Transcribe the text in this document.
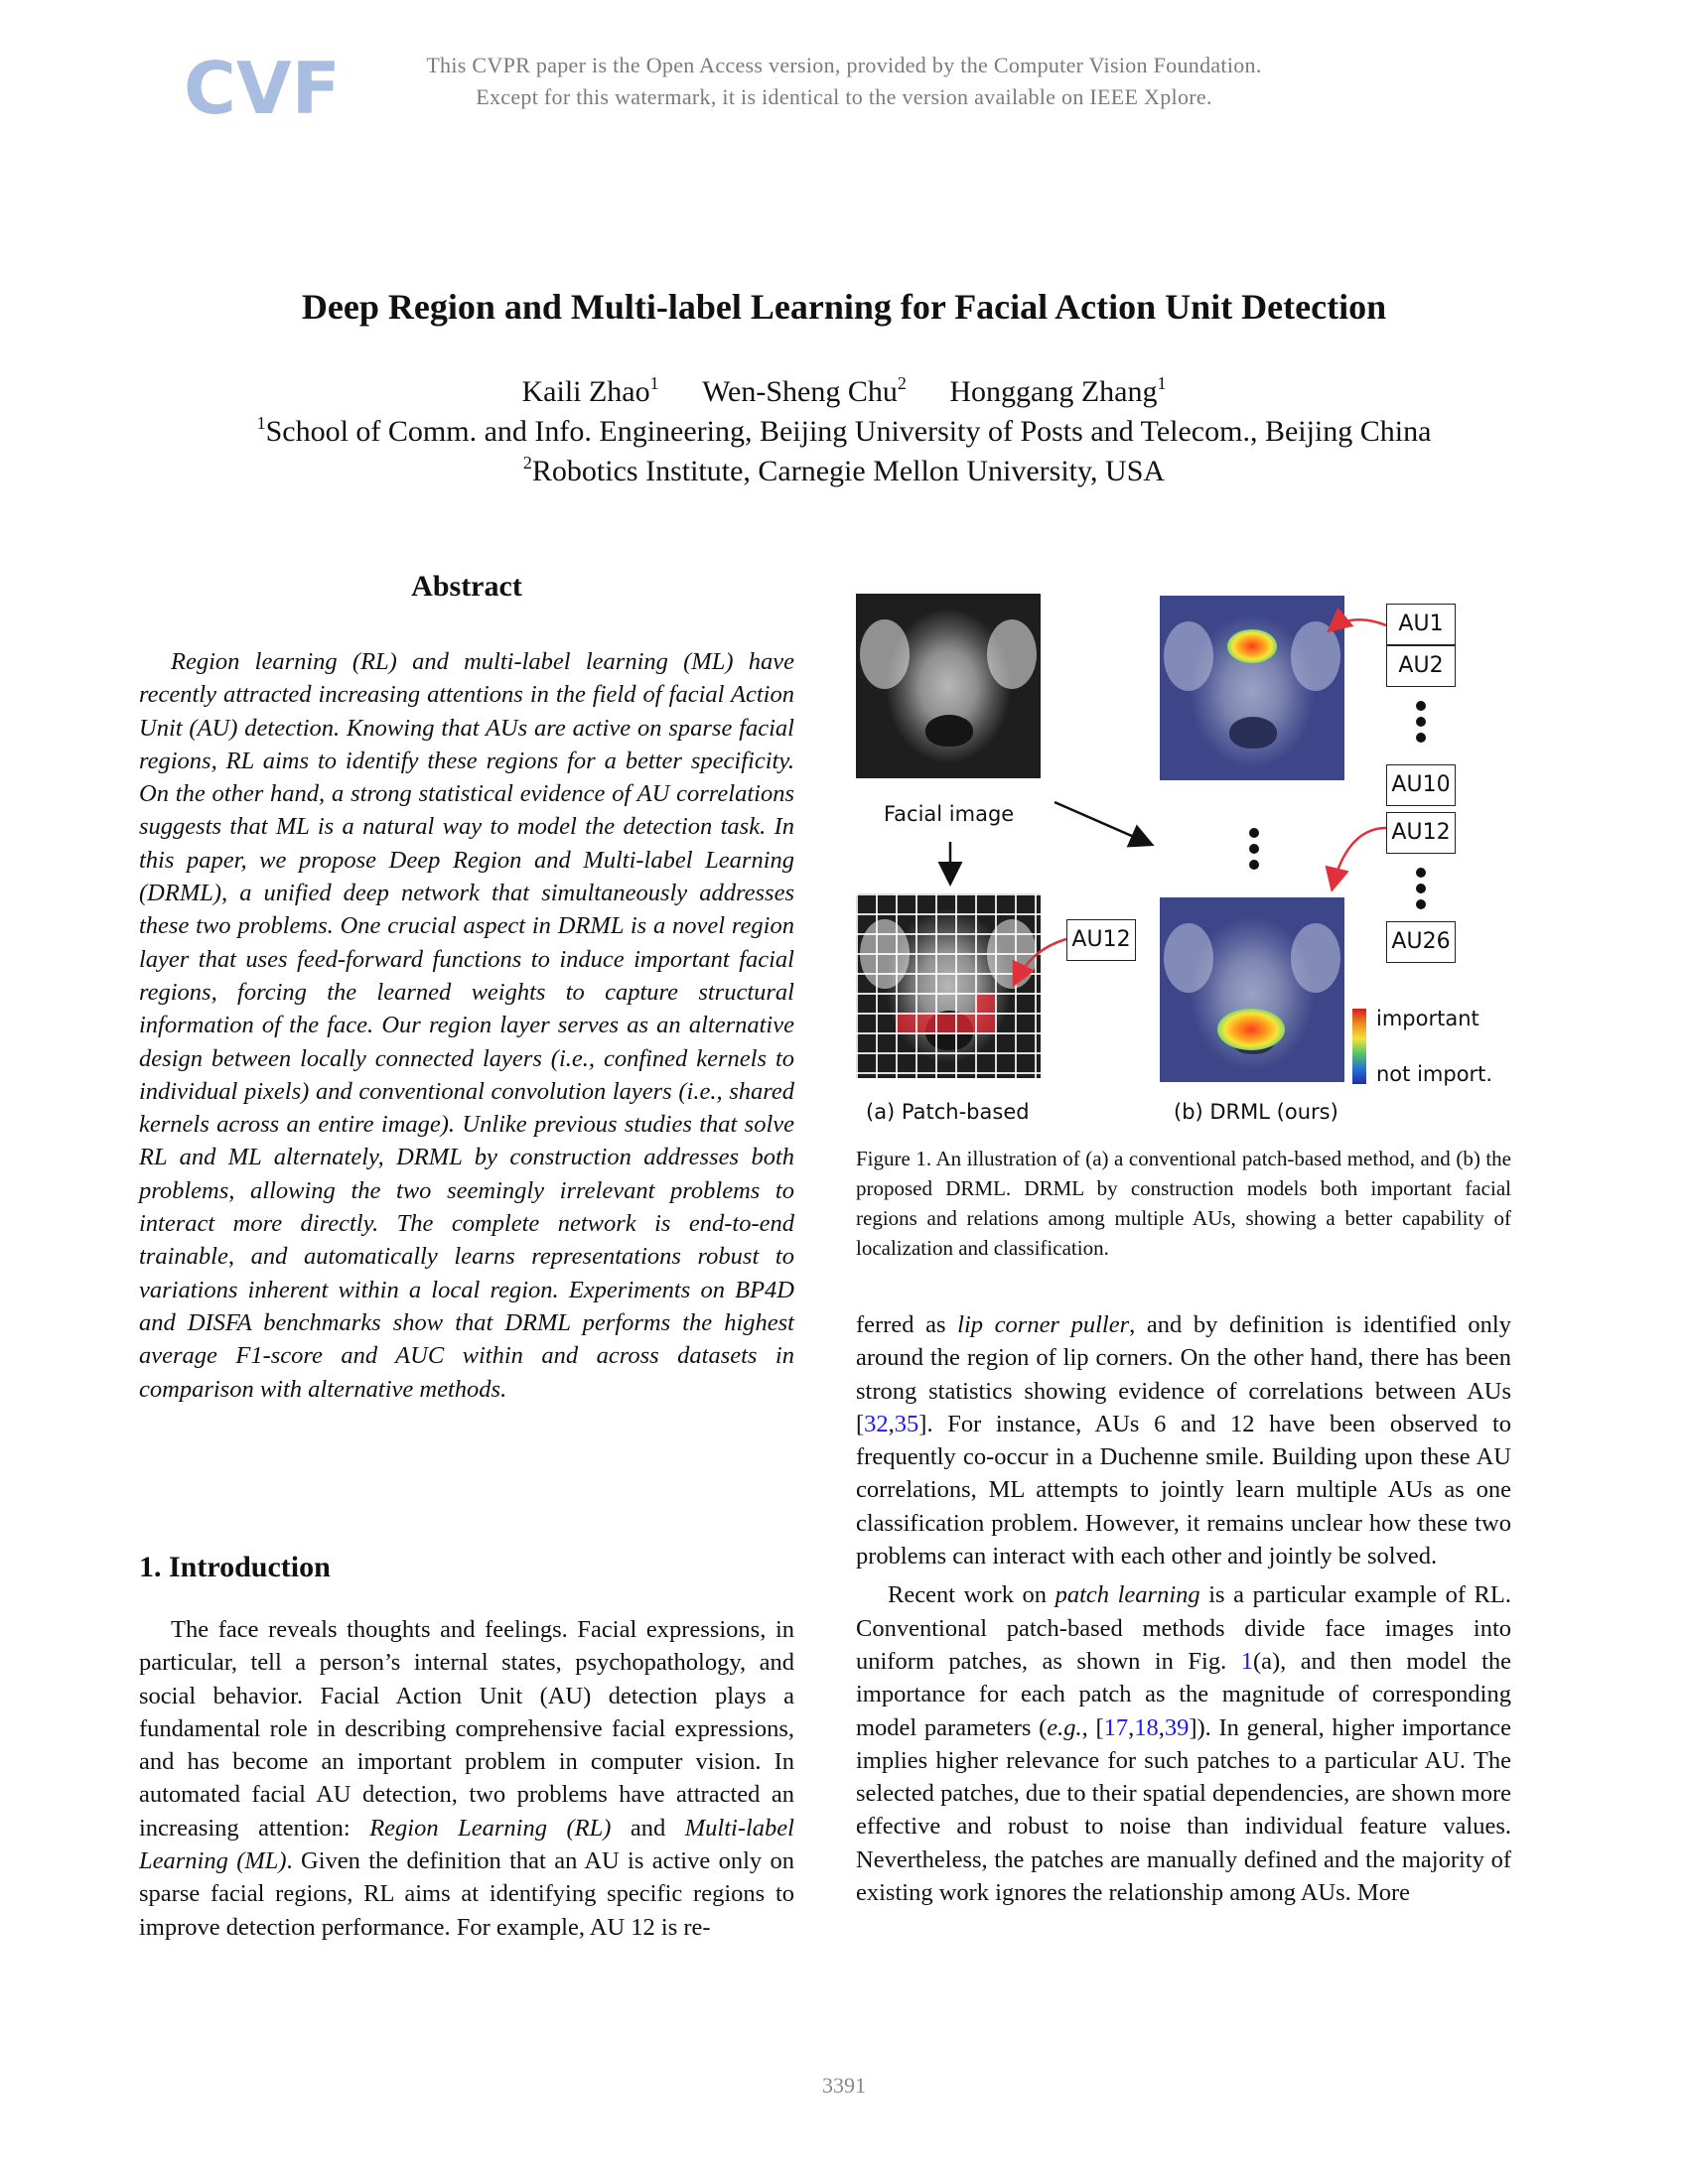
CVF	This CVPR paper is the Open Access version, provided by the Computer Vision Foundation.
Except for this watermark, it is identical to the version available on IEEE Xplore.
Deep Region and Multi-label Learning for Facial Action Unit Detection
Kaili Zhao$^1$ Wen-Sheng Chu$^2$ Honggang Zhang$^1$
$^1$School of Comm. and Info. Engineering, Beijing University of Posts and Telecom., Beijing China
$^2$Robotics Institute, Carnegie Mellon University, USA
Abstract

Region learning (RL) and multi-label learning (ML) have recently attracted increasing attentions in the field of facial Action Unit (AU) detection. Knowing that AUs are active on sparse facial regions, RL aims to identify these regions for a better specificity. On the other hand, a strong statistical evidence of AU correlations suggests that ML is a natural way to model the detection task. In this paper, we propose Deep Region and Multi-label Learning (DRML), a unified deep network that simultaneously addresses these two problems. One crucial aspect in DRML is a novel region layer that uses feed-forward functions to induce important facial regions, forcing the learned weights to capture structural information of the face. Our region layer serves as an alternative design between locally connected layers (i.e., confined kernels to individual pixels) and conventional convolution layers (i.e., shared kernels across an entire image). Unlike previous studies that solve RL and ML alternately, DRML by construction addresses both problems, allowing the two seemingly irrelevant problems to interact more directly. The complete network is end-to-end trainable, and automatically learns representations robust to variations inherent within a local region. Experiments on BP4D and DISFA benchmarks show that DRML performs the highest average F1-score and AUC within and across datasets in comparison with alternative methods.

1. Introduction

The face reveals thoughts and feelings. Facial expressions, in particular, tell a person’s internal states, psychopathology, and social behavior. Facial Action Unit (AU) detection plays a fundamental role in describing comprehensive facial expressions, and has become an important problem in computer vision. In automated facial AU detection, two problems have attracted an increasing attention: Region Learning (RL) and Multi-label Learning (ML). Given the definition that an AU is active only on sparse facial regions, RL aims at identifying specific regions to improve detection performance. For example, AU 12 is re-

Facial image
AU12
(a) Patch-based	(b) DRML (ours)
important
not import.
AU1
AU2
AU10
AU12
AU26
Figure 1. An illustration of (a) a conventional patch-based method, and (b) the proposed DRML. DRML by construction models both important facial regions and relations among multiple AUs, showing a better capability of localization and classification.

ferred as lip corner puller, and by definition is identified only around the region of lip corners. On the other hand, there has been strong statistics showing evidence of correlations between AUs [32,35]. For instance, AUs 6 and 12 have been observed to frequently co-occur in a Duchenne smile. Building upon these AU correlations, ML attempts to jointly learn multiple AUs as one classification problem. However, it remains unclear how these two problems can interact with each other and jointly be solved.

Recent work on patch learning is a particular example of RL. Conventional patch-based methods divide face images into uniform patches, as shown in Fig. 1(a), and then model the importance for each patch as the magnitude of corresponding model parameters (e.g., [17,18,39]). In general, higher importance implies higher relevance for such patches to a particular AU. The selected patches, due to their spatial dependencies, are shown more effective and robust to noise than individual feature values. Nevertheless, the patches are manually defined and the majority of existing work ignores the relationship among AUs. More

3391
